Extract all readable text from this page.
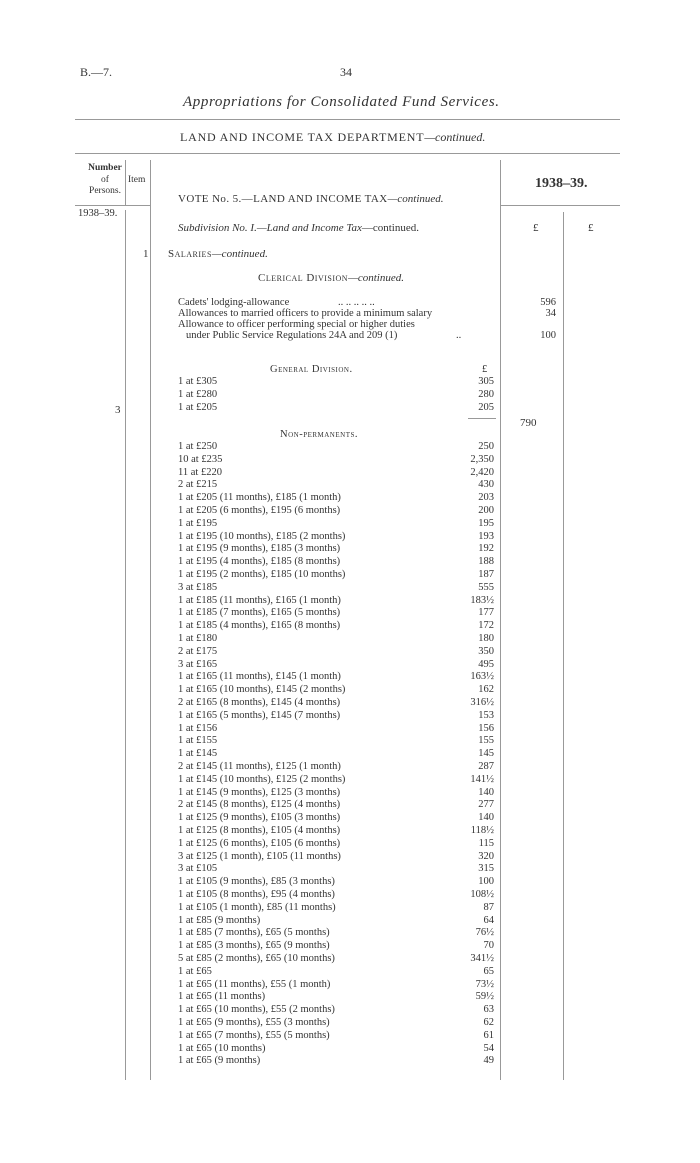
B.—7.	34
Appropriations for Consolidated Fund Services.
LAND AND INCOME TAX DEPARTMENT—continued.
Number
of
Persons.
Item	1938–39.
1938–39.
£	£
VOTE No. 5.—LAND AND INCOME TAX—continued.
Subdivision No. I.—Land and Income Tax—continued.
1 Salaries—continued.
Clerical Division—continued.
Cadets' lodging-allowance	.. .. .. .. ..	596
Allowances to married officers to provide a minimum salary	34
Allowance to officer performing special or higher duties
under Public Service Regulations 24A and 209 (1)	..	100
General Division.	£
1 at £305	305
1 at £280	280
1 at £205	205
3
790
Non-permanents.
1 at £250	250
10 at £235	2,350
11 at £220	2,420
2 at £215	430
1 at £205 (11 months), £185 (1 month)	203
1 at £205 (6 months), £195 (6 months)	200
1 at £195	195
1 at £195 (10 months), £185 (2 months)	193
1 at £195 (9 months), £185 (3 months)	192
1 at £195 (4 months), £185 (8 months)	188
1 at £195 (2 months), £185 (10 months)	187
3 at £185	555
1 at £185 (11 months), £165 (1 month)	183½
1 at £185 (7 months), £165 (5 months)	177
1 at £185 (4 months), £165 (8 months)	172
1 at £180	180
2 at £175	350
3 at £165	495
1 at £165 (11 months), £145 (1 month)	163½
1 at £165 (10 months), £145 (2 months)	162
2 at £165 (8 months), £145 (4 months)	316½
1 at £165 (5 months), £145 (7 months)	153
1 at £156	156
1 at £155	155
1 at £145	145
2 at £145 (11 months), £125 (1 month)	287
1 at £145 (10 months), £125 (2 months)	141½
1 at £145 (9 months), £125 (3 months)	140
2 at £145 (8 months), £125 (4 months)	277
1 at £125 (9 months), £105 (3 months)	140
1 at £125 (8 months), £105 (4 months)	118½
1 at £125 (6 months), £105 (6 months)	115
3 at £125 (1 month), £105 (11 months)	320
3 at £105	315
1 at £105 (9 months), £85 (3 months)	100
1 at £105 (8 months), £95 (4 months)	108½
1 at £105 (1 month), £85 (11 months)	87
1 at £85 (9 months)	64
1 at £85 (7 months), £65 (5 months)	76½
1 at £85 (3 months), £65 (9 months)	70
5 at £85 (2 months), £65 (10 months)	341½
1 at £65	65
1 at £65 (11 months), £55 (1 month)	73½
1 at £65 (11 months)	59½
1 at £65 (10 months), £55 (2 months)	63
1 at £65 (9 months), £55 (3 months)	62
1 at £65 (7 months), £55 (5 months)	61
1 at £65 (10 months)	54
1 at £65 (9 months)	49
